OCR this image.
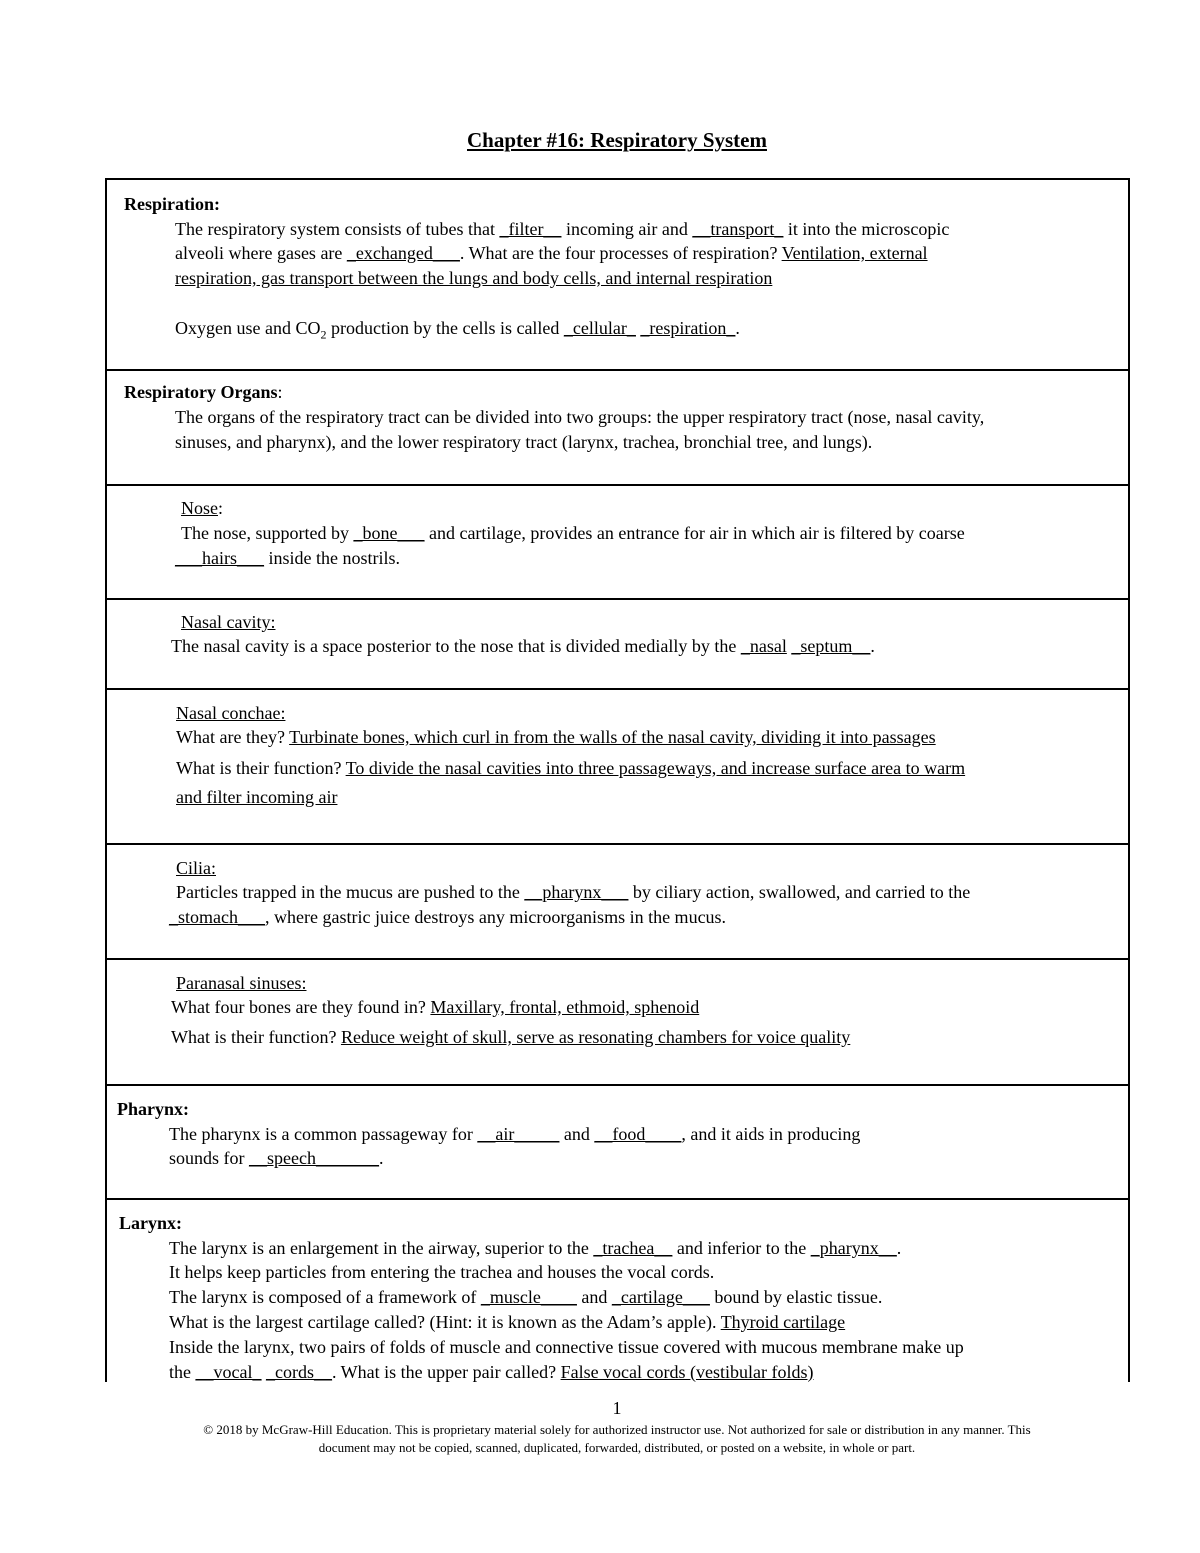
Chapter #16: Respiratory System
Respiration:
The respiratory system consists of tubes that _filter__ incoming air and __transport_ it into the microscopic
alveoli where gases are _exchanged___. What are the four processes of respiration? Ventilation, external
respiration, gas transport between the lungs and body cells, and internal respiration
Oxygen use and $CO_2$ production by the cells is called _cellular_ _respiration_.
Respiratory Organs:
The organs of the respiratory tract can be divided into two groups: the upper respiratory tract (nose, nasal cavity,
sinuses, and pharynx), and the lower respiratory tract (larynx, trachea, bronchial tree, and lungs).
Nose:
The nose, supported by _bone___ and cartilage, provides an entrance for air in which air is filtered by coarse
___hairs___ inside the nostrils.
Nasal cavity:
The nasal cavity is a space posterior to the nose that is divided medially by the _nasal _septum__.
Nasal conchae:
What are they? Turbinate bones, which curl in from the walls of the nasal cavity, dividing it into passages
What is their function? To divide the nasal cavities into three passageways, and increase surface area to warm
and filter incoming air
Cilia:
Particles trapped in the mucus are pushed to the __pharynx___ by ciliary action, swallowed, and carried to the
_stomach___, where gastric juice destroys any microorganisms in the mucus.
Paranasal sinuses:
What four bones are they found in? Maxillary, frontal, ethmoid, sphenoid
What is their function? Reduce weight of skull, serve as resonating chambers for voice quality
Pharynx:
The pharynx is a common passageway for __air_____ and __food____, and it aids in producing
sounds for __speech_______.
Larynx:
The larynx is an enlargement in the airway, superior to the _trachea__ and inferior to the _pharynx__.
It helps keep particles from entering the trachea and houses the vocal cords.
The larynx is composed of a framework of _muscle____ and _cartilage___ bound by elastic tissue.
What is the largest cartilage called? (Hint: it is known as the Adam’s apple). Thyroid cartilage
Inside the larynx, two pairs of folds of muscle and connective tissue covered with mucous membrane make up
the __vocal_ _cords__. What is the upper pair called? False vocal cords (vestibular folds)
1
© 2018 by McGraw-Hill Education. This is proprietary material solely for authorized instructor use. Not authorized for sale or distribution in any manner. This
document may not be copied, scanned, duplicated, forwarded, distributed, or posted on a website, in whole or part.
